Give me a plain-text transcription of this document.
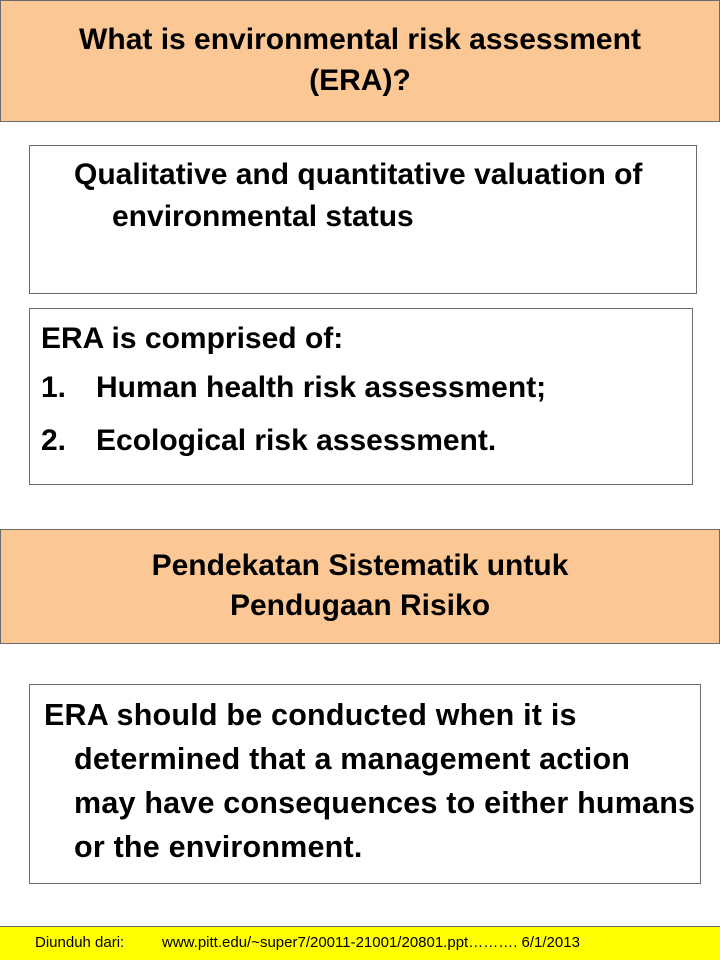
What is environmental risk assessment
(ERA)?
Qualitative and quantitative valuation of environmental status
ERA is comprised of:
1. Human health risk assessment;
2. Ecological risk assessment.
Pendekatan Sistematik untuk
Pendugaan Risiko
ERA should be conducted when it is determined that a management action may have consequences to either humans or the environment.
Diunduh dari:	www.pitt.edu/~super7/20011-21001/20801.ppt………. 6/1/2013
